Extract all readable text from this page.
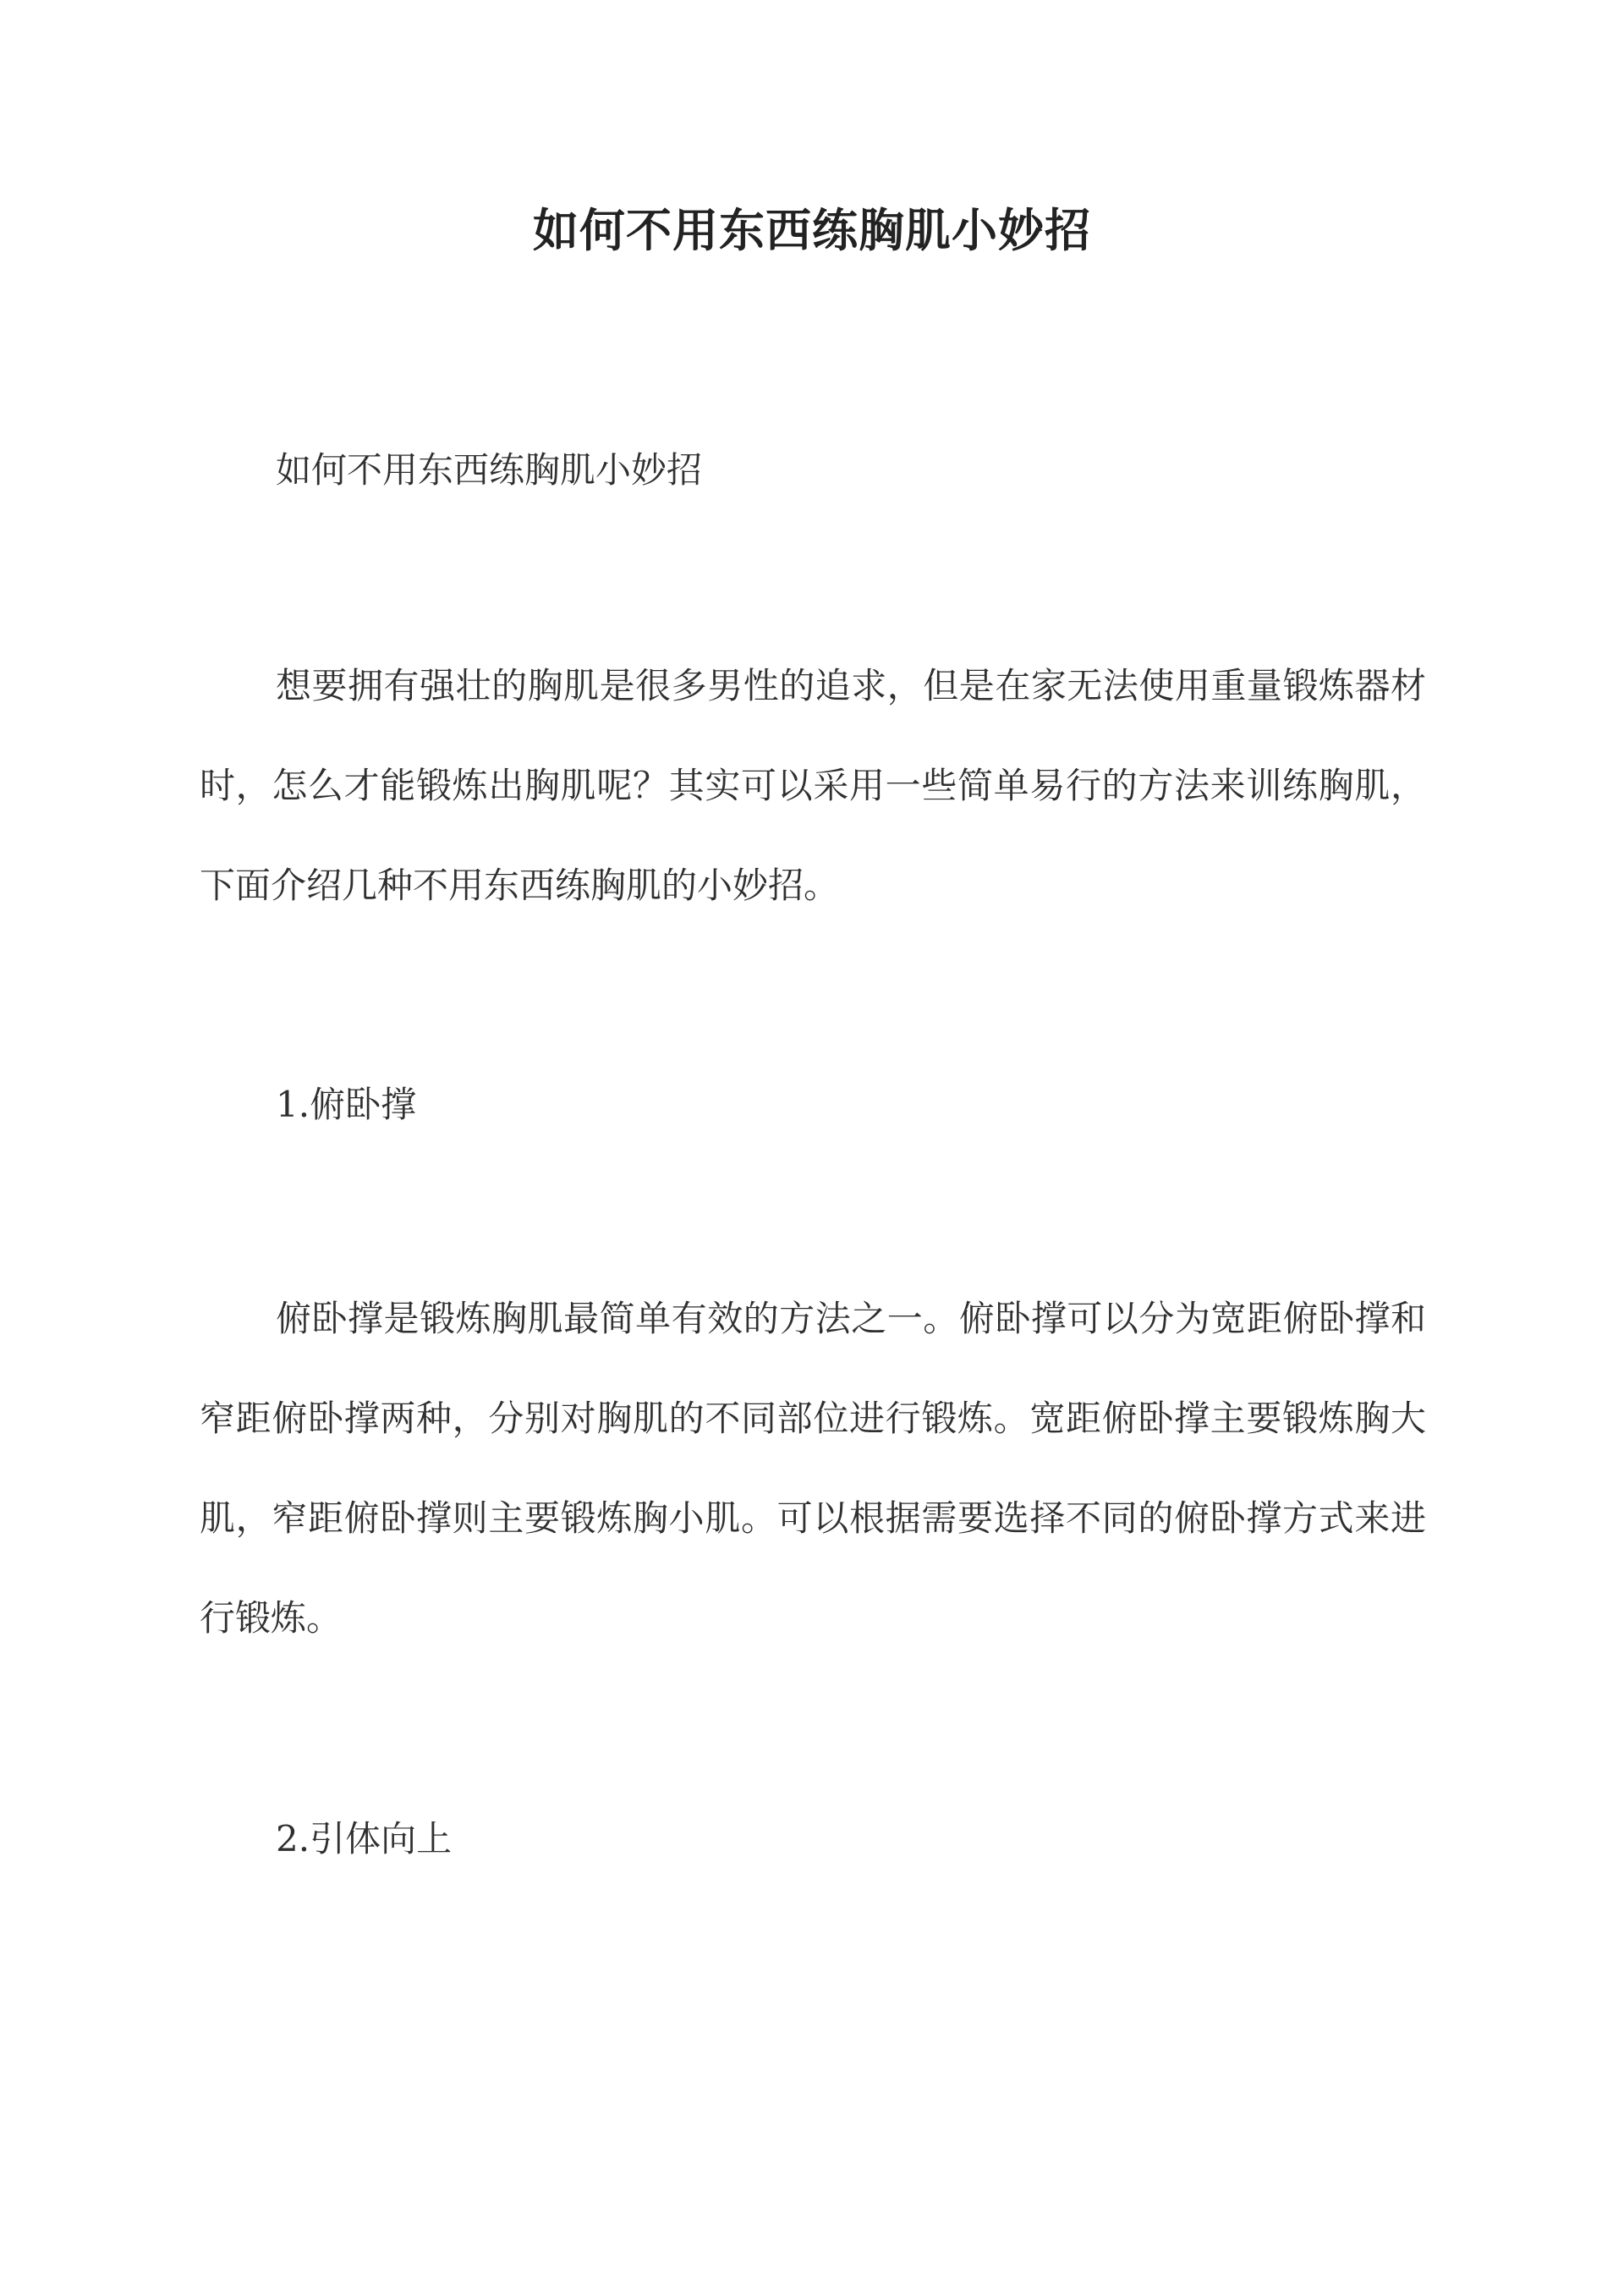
如何不用东西练胸肌小妙招
如何不用东西练胸肌小妙招
想要拥有强壮的胸肌是很多男性的追求，但是在家无法使用重量锻炼器材时，怎么才能锻炼出胸肌呢？其实可以采用一些简单易行的方法来训练胸肌，下面介绍几种不用东西练胸肌的小妙招。
1.俯卧撑
俯卧撑是锻炼胸肌最简单有效的方法之一。俯卧撑可以分为宽距俯卧撑和窄距俯卧撑两种，分别对胸肌的不同部位进行锻炼。宽距俯卧撑主要锻炼胸大肌，窄距俯卧撑则主要锻炼胸小肌。可以根据需要选择不同的俯卧撑方式来进行锻炼。
2.引体向上
